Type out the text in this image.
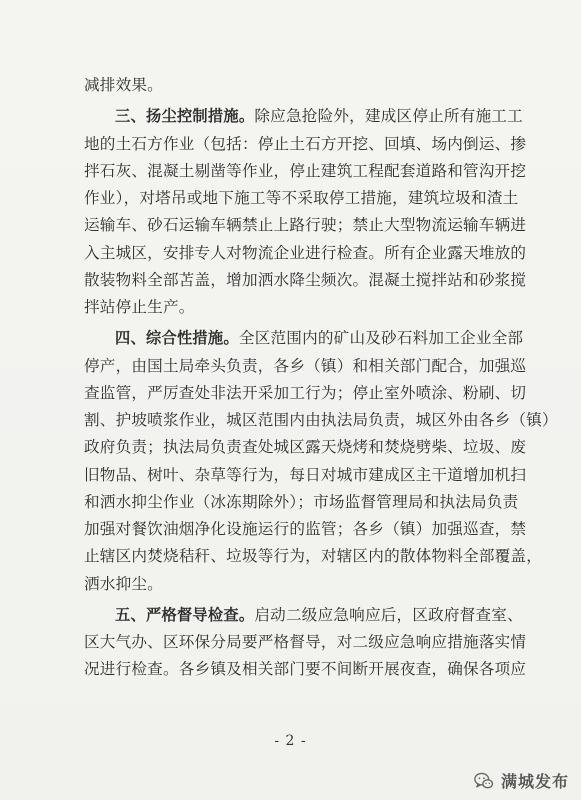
减排效果。
三、扬尘控制措施。除应急抢险外，建成区停止所有施工工
地的土石方作业（包括：停止土石方开挖、回填、场内倒运、掺
拌石灰、混凝土剔凿等作业，停止建筑工程配套道路和管沟开挖
作业），对塔吊或地下施工等不采取停工措施，建筑垃圾和渣土
运输车、砂石运输车辆禁止上路行驶；禁止大型物流运输车辆进
入主城区，安排专人对物流企业进行检查。所有企业露天堆放的
散装物料全部苫盖，增加洒水降尘频次。混凝土搅拌站和砂浆搅
拌站停止生产。
四、综合性措施。全区范围内的矿山及砂石料加工企业全部
停产，由国土局牵头负责，各乡（镇）和相关部门配合，加强巡
查监管，严厉查处非法开采加工行为；停止室外喷涂、粉刷、切
割、护坡喷浆作业，城区范围内由执法局负责，城区外由各乡（镇）
政府负责；执法局负责查处城区露天烧烤和焚烧劈柴、垃圾、废
旧物品、树叶、杂草等行为，每日对城市建成区主干道增加机扫
和洒水抑尘作业（冰冻期除外）；市场监督管理局和执法局负责
加强对餐饮油烟净化设施运行的监管；各乡（镇）加强巡查，禁
止辖区内焚烧秸秆、垃圾等行为，对辖区内的散体物料全部覆盖，
洒水抑尘。
五、严格督导检查。启动二级应急响应后，区政府督查室、
区大气办、区环保分局要严格督导，对二级应急响应措施落实情
况进行检查。各乡镇及相关部门要不间断开展夜查，确保各项应
- 2 -
满城发布
